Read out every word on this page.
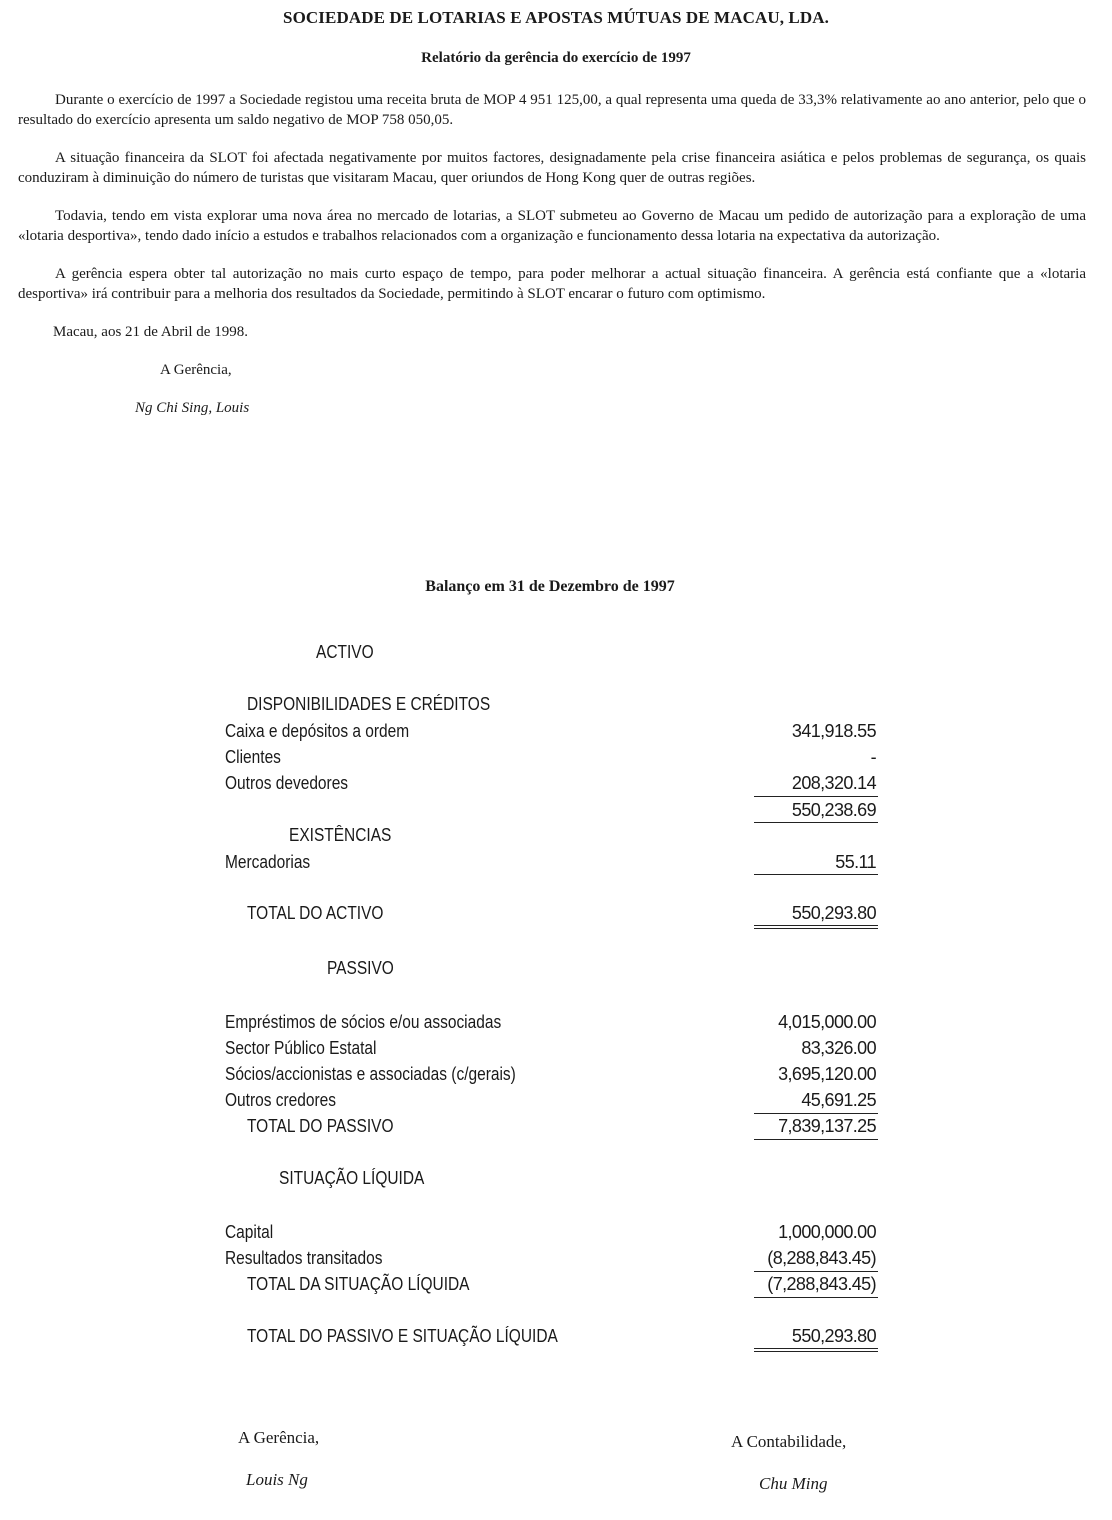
SOCIEDADE DE LOTARIAS E APOSTAS MÚTUAS DE MACAU, LDA.
Relatório da gerência do exercício de 1997

Durante o exercício de 1997 a Sociedade registou uma receita bruta de MOP 4 951 125,00, a qual representa uma queda de 33,3% relativamente ao ano anterior, pelo que o resultado do exercício apresenta um saldo negativo de MOP 758 050,05.

A situação financeira da SLOT foi afectada negativamente por muitos factores, designadamente pela crise financeira asiática e pelos problemas de segurança, os quais conduziram à diminuição do número de turistas que visitaram Macau, quer oriundos de Hong Kong quer de outras regiões.

Todavia, tendo em vista explorar uma nova área no mercado de lotarias, a SLOT submeteu ao Governo de Macau um pedido de autorização para a exploração de uma «lotaria desportiva», tendo dado início a estudos e trabalhos relacionados com a organização e funcionamento dessa lotaria na expectativa da autorização.

A gerência espera obter tal autorização no mais curto espaço de tempo, para poder melhorar a actual situação financeira. A gerência está confiante que a «lotaria desportiva» irá contribuir para a melhoria dos resultados da Sociedade, permitindo à SLOT encarar o futuro com optimismo.

Macau, aos 21 de Abril de 1998.

A Gerência,

Ng Chi Sing, Louis

Balanço em 31 de Dezembro de 1997
ACTIVO
DISPONIBILIDADES E CRÉDITOS
Caixa e depósitos a ordem	341,918.55
Clientes	-
Outros devedores	208,320.14
550,238.69
EXISTÊNCIAS
Mercadorias	55.11
TOTAL DO ACTIVO	550,293.80
PASSIVO
Empréstimos de sócios e/ou associadas	4,015,000.00
Sector Público Estatal	83,326.00
Sócios/accionistas e associadas (c/gerais)	3,695,120.00
Outros credores	45,691.25
TOTAL DO PASSIVO	7,839,137.25
SITUAÇÃO LÍQUIDA
Capital	1,000,000.00
Resultados transitados	(8,288,843.45)
TOTAL DA SITUAÇÃO LÍQUIDA	(7,288,843.45)
TOTAL DO PASSIVO E SITUAÇÃO LÍQUIDA	550,293.80
A Gerência,
Louis Ng
A Contabilidade,
Chu Ming
